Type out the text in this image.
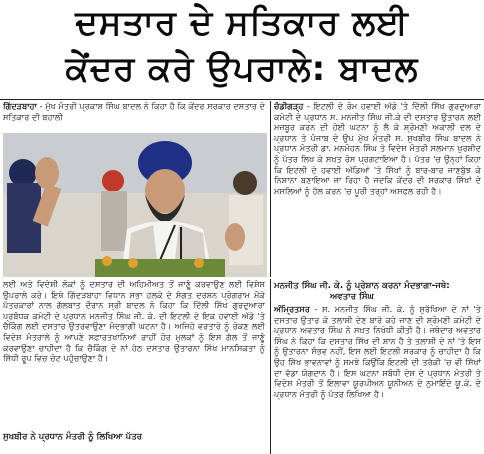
ਦਸਤਾਰ ਦੇ ਸਤਿਕਾਰ ਲਈ
ਕੇਂਦਰ ਕਰੇ ਉਪਰਾਲੇ: ਬਾਦਲ
ਗਿੱਦੜਬਾਹਾ - ਮੁੱਖ ਮੰਤਰੀ ਪ੍ਰਕਾਸ਼ ਸਿੰਘ ਬਾਦਲ ਨੇ ਕਿਹਾ ਹੈ ਕਿ ਕੇਂਦਰ ਸਰਕਾਰ ਦਸਤਾਰ ਦੇ ਸਤਿਕਾਰ ਦੀ ਬਹਾਲੀ
ਚੰਡੀਗੜ੍ਹ - ਇਟਲੀ ਦੇ ਰੋਮ ਹਵਾਈ ਅੱਡੇ 'ਤੇ ਦਿੱਲੀ ਸਿੱਖ ਗੁਰਦੁਆਰਾ ਕਮੇਟੀ ਦੇ ਪ੍ਰਧਾਨ ਸ. ਮਨਜੀਤ ਸਿੰਘ ਜੀ.ਕੇ ਦੀ ਦਸਤਾਰ ਉਤਾਰਨ ਲਈ ਮਜਬੂਰ ਕਰਨ ਦੀ ਹੋਈ ਘਟਨਾ ਨੂੰ ਲੈ ਕੇ ਸ਼੍ਰੋਮਣੀ ਅਕਾਲੀ ਦਲ ਦੇ ਪ੍ਰਧਾਨ ਤੇ ਪੰਜਾਬ ਦੇ ਉਪ ਮੁੱਖ ਮੰਤਰੀ ਸ. ਸੁਖਬੀਰ ਸਿੰਘ ਬਾਦਲ ਨੇ ਪ੍ਰਧਾਨ ਮੰਤਰੀ ਡਾ. ਮਨਮੋਹਨ ਸਿੰਘ ਤੇ ਵਿਦੇਸ਼ ਮੰਤਰੀ ਸਲਮਾਨ ਖੁਰਸ਼ੀਦ ਨੂੰ ਪੱਤਰ ਲਿਖ ਕੇ ਸਖ਼ਤ ਰੋਸ ਪ੍ਰਗਟਾਇਆ ਹੈ। ਪੱਤਰ 'ਚ ਉਨ੍ਹਾਂ ਕਿਹਾ ਕਿ ਇਟਲੀ ਦੇ ਹਵਾਈ ਅੱਡਿਆਂ 'ਤੇ ਸਿੱਖਾਂ ਨੂੰ ਬਾਰ-ਬਾਰ ਜਾਣਬੁੱਝ ਕੇ ਨਿਸ਼ਾਨਾ ਬਣਾਇਆ ਜਾ ਰਿਹਾ ਹੈ ਜਦਕਿ ਕੇਂਦਰ ਦੀ ਸਰਕਾਰ ਸਿੱਖਾਂ ਦੇ ਮਸਲਿਆਂ ਨੂੰ ਹੱਲ ਕਰਨ 'ਚ ਪੂਰੀ ਤਰ੍ਹਾਂ ਅਸਫਲ ਰਹੀ ਹੈ।
ਲਈ ਅਤੇ ਵਿਦੇਸ਼ੀ ਲੋਕਾਂ ਨੂੰ ਦਸਤਾਰ ਦੀ ਅਹਿਮੀਅਤ ਤੋਂ ਜਾਣੂੰ ਕਰਵਾਉਣ ਲਈ ਵਿਸ਼ੇਸ਼ ਉਪਰਾਲੇ ਕਰੇ। ਇਥੇ ਗਿੱਦੜਬਾਹਾ ਵਿਧਾਨ ਸਭਾ ਹਲਕੇ ਦੇ ਸੰਗਤ ਦਰਸ਼ਨ ਪ੍ਰੋਗਰਾਮ ਮੌਕੇ ਪੱਤਰਕਾਰਾਂ ਨਾਲ ਗੱਲਬਾਤ ਦੌਰਾਨ ਸ੍ਰੀ ਬਾਦਲ ਨੇ ਕਿਹਾ ਕਿ ਦਿੱਲੀ ਸਿੱਖ ਗੁਰਦੁਆਰਾ ਪ੍ਰਬੰਧਕ ਕਮੇਟੀ ਦੇ ਪ੍ਰਧਾਨ ਮਨਜੀਤ ਸਿੰਘ ਜੀ. ਕੇ. ਦੀ ਇਟਲੀ ਦੇ ਇਕ ਹਵਾਈ ਅੱਡੇ 'ਤੇ ਚੈਕਿੰਗ ਲਈ ਦਸਤਾਰ ਉਤਰਵਾਉਣਾ ਮੰਦਭਾਗੀ ਘਟਨਾ ਹੈ। ਅਜਿਹੇ ਵਰਤਾਰੇ ਨੂੰ ਰੋਕਣ ਲਈ ਵਿਦੇਸ਼ ਮੰਤਰਾਲੇ ਨੂੰ ਆਪਣੇ ਸਫ਼ਾਰਤਖਾਨਿਆਂ ਰਾਹੀਂ ਹੋਰ ਮੁਲਕਾਂ ਨੂੰ ਇਸ ਗੱਲ ਤੋਂ ਜਾਣੂੰ ਕਰਵਾਉਣਾ ਚਾਹੀਦਾ ਹੈ ਕਿ ਚੈਕਿੰਗ ਦੇ ਨਾਂ ਹੇਠ ਦਸਤਾਰ ਉਤਾਰਨਾ ਸਿੱਖ ਮਾਨਸਿਕਤਾ ਨੂੰ ਸਿੱਧੀ ਰੂਪ ਵਿਚ ਚੋਟ ਪਹੁੰਚਾਉਣਾ ਹੈ।
ਸੁਖਬੀਰ ਨੇ ਪ੍ਰਧਾਨ ਮੰਤਰੀ ਨੂੰ ਲਿਖਿਆ ਪੱਤਰ
ਮਨਜੀਤ ਸਿੰਘ ਜੀ. ਕੇ. ਨੂੰ ਪ੍ਰੇਸ਼ਾਨ ਕਰਨਾ ਮੰਦਭਾਗਾ-ਜਥੇ:
ਅਵਤਾਰ ਸਿੰਘ
ਅੰਮ੍ਰਿਤਸਰ - ਸ. ਮਨਜੀਤ ਸਿੰਘ ਜੀ. ਕੇ. ਨੂੰ ਸੁਰੱਖਿਆ ਦੇ ਨਾਂ 'ਤੇ ਦਸਤਾਰ ਉਤਾਰ ਕੇ ਤਲਾਸ਼ੀ ਦੇਣ ਬਾਰੇ ਕਹੇ ਜਾਣ ਦੀ ਸ਼੍ਰੋਮਣੀ ਕਮੇਟੀ ਦੇ ਪ੍ਰਧਾਨ ਅਵਤਾਰ ਸਿੰਘ ਨੇ ਸਖ਼ਤ ਨਿਖੇਧੀ ਕੀਤੀ ਹੈ। ਜਥੇਦਾਰ ਅਵਤਾਰ ਸਿੰਘ ਨੇ ਕਿਹਾ ਕਿ ਦਸਤਾਰ ਸਿੱਖ ਦੀ ਸ਼ਾਨ ਹੈ ਤੇ ਤਲਾਸ਼ੀ ਦੇ ਨਾਂ 'ਤੇ ਇਸ ਨੂੰ ਉਤਾਰਨਾ ਸੰਭਵ ਨਹੀਂ, ਇਸ ਲਈ ਇਟਲੀ ਸਰਕਾਰ ਨੂੰ ਚਾਹੀਦਾ ਹੈ ਕਿ ਉਹ ਸਿੱਖ ਭਾਵਨਾਵਾਂ ਨੂੰ ਸਮਝੇ ਕਿਉਂਕਿ ਇਟਲੀ ਦੀ ਤਰੱਕੀ 'ਚ ਵੀ ਸਿੱਖਾਂ ਦਾ ਵੱਡਾ ਯੋਗਦਾਨ ਹੈ। ਇਸ ਘਟਨਾ ਸਬੰਧੀ ਦੇਸ਼ ਦੇ ਪ੍ਰਧਾਨ ਮੰਤਰੀ ਤੇ ਵਿਦੇਸ਼ ਮੰਤਰੀ ਤੋਂ ਇਲਾਵਾ ਯੂਰਪੀਅਨ ਯੂਨੀਅਨ ਦੇ ਨੁਮਾਇੰਦੇ ਯੂ.ਕੇ. ਦੇ ਪ੍ਰਧਾਨ ਮੰਤਰੀ ਨੂੰ ਪੱਤਰ ਲਿਖਿਆ ਹੈ।
